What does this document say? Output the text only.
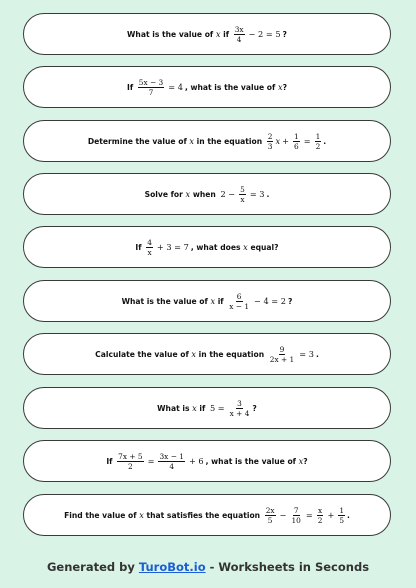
What is the value of x if $\frac{3x}{4} - 2 = 5$ ?
If $\frac{5x - 3}{7} = 4$ , what is the value of x ?
Determine the value of x in the equation $\frac{2}{3}$ $x + \frac{1}{6} = \frac{1}{2}$ .
Solve for x when $2 - \frac{5}{x} = 3$ .
If $\frac{4}{x} + 3 = 7$ , what does x equal?
What is the value of x if $\frac{6}{x - 1} - 4 = 2$ ?
Calculate the value of x in the equation $\frac{9}{2x + 1} = 3$ .
What is x if $5 = \frac{3}{x + 4}$ ?
If $\frac{7x + 5}{2} = \frac{3x - 1}{4} + 6$ , what is the value of x ?
Find the value of x that satisfies the equation $\frac{2x}{5} - \frac{7}{10} = \frac{x}{2} + \frac{1}{5}$ .
Generated by TuroBot.io - Worksheets in Seconds
